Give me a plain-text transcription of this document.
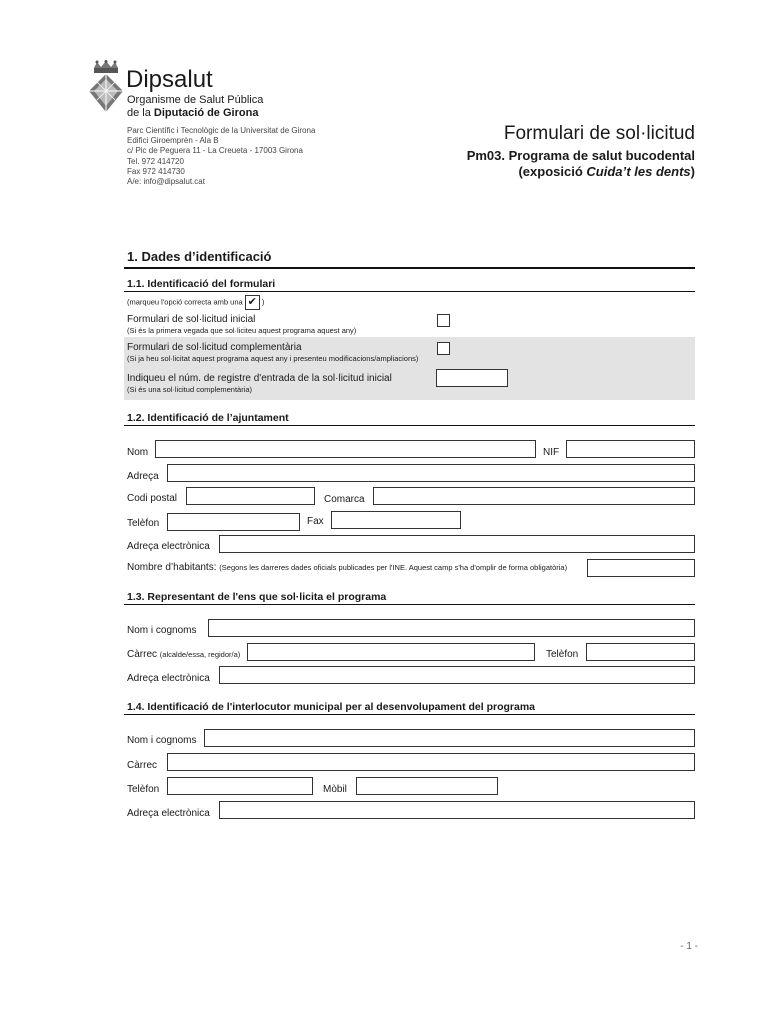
Dipsalut
Organisme de Salut Pública
de la Diputació de Girona
Parc Científic i Tecnològic de la Universitat de Girona
Edifici Giroemprèn - Ala B
c/ Pic de Peguera 11 - La Creueta - 17003 Girona
Tel. 972 414720
Fax 972 414730
A/e: info@dipsalut.cat
Formulari de sol·licitud
Pm03. Programa de salut bucodental
(exposició Cuida’t les dents)
1. Dades d’identificació
1.1. Identificació del formulari
(marqueu l'opció correcta amb una ✔ )
Formulari de sol·licitud inicial
(Si és la primera vegada que sol·liciteu aquest programa aquest any)
Formulari de sol·licitud complementària
(Si ja heu sol·licitat aquest programa aquest any i presenteu modificacions/ampliacions)
Indiqueu el núm. de registre d'entrada de la sol·licitud inicial
(Si és una sol·licitud complementària)
1.2. Identificació de l’ajuntament
Nom	NIF
Adreça
Codi postal	Comarca
Telèfon	Fax
Adreça electrònica
Nombre d’habitants: (Segons les darreres dades oficials publicades per l'INE. Aquest camp s'ha d'omplir de forma obligatòria)
1.3. Representant de l'ens que sol·licita el programa
Nom i cognoms
Càrrec (alcalde/essa, regidor/a)	Telèfon
Adreça electrònica
1.4. Identificació de l'interlocutor municipal per al desenvolupament del programa
Nom i cognoms
Càrrec
Telèfon	Mòbil
Adreça electrònica
- 1 -
